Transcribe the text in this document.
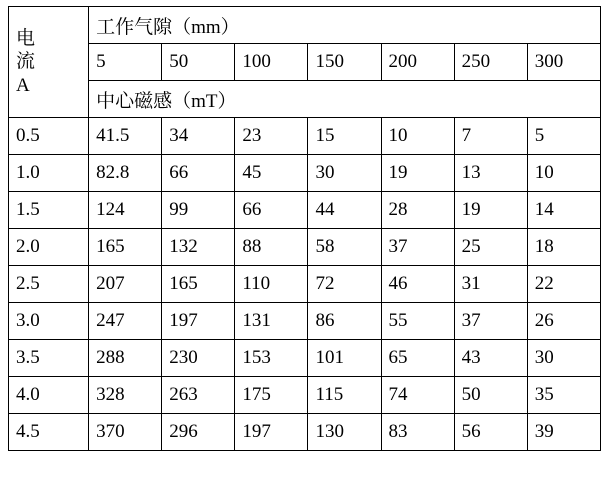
电
流
A	工作气隙（mm）						
	5	50	100	150	200	250	300
	中心磁感（mT）						
0.5	41.5	34	23	15	10	7	5
1.0	82.8	66	45	30	19	13	10
1.5	124	99	66	44	28	19	14
2.0	165	132	88	58	37	25	18
2.5	207	165	110	72	46	31	22
3.0	247	197	131	86	55	37	26
3.5	288	230	153	101	65	43	30
4.0	328	263	175	115	74	50	35
4.5	370	296	197	130	83	56	39
